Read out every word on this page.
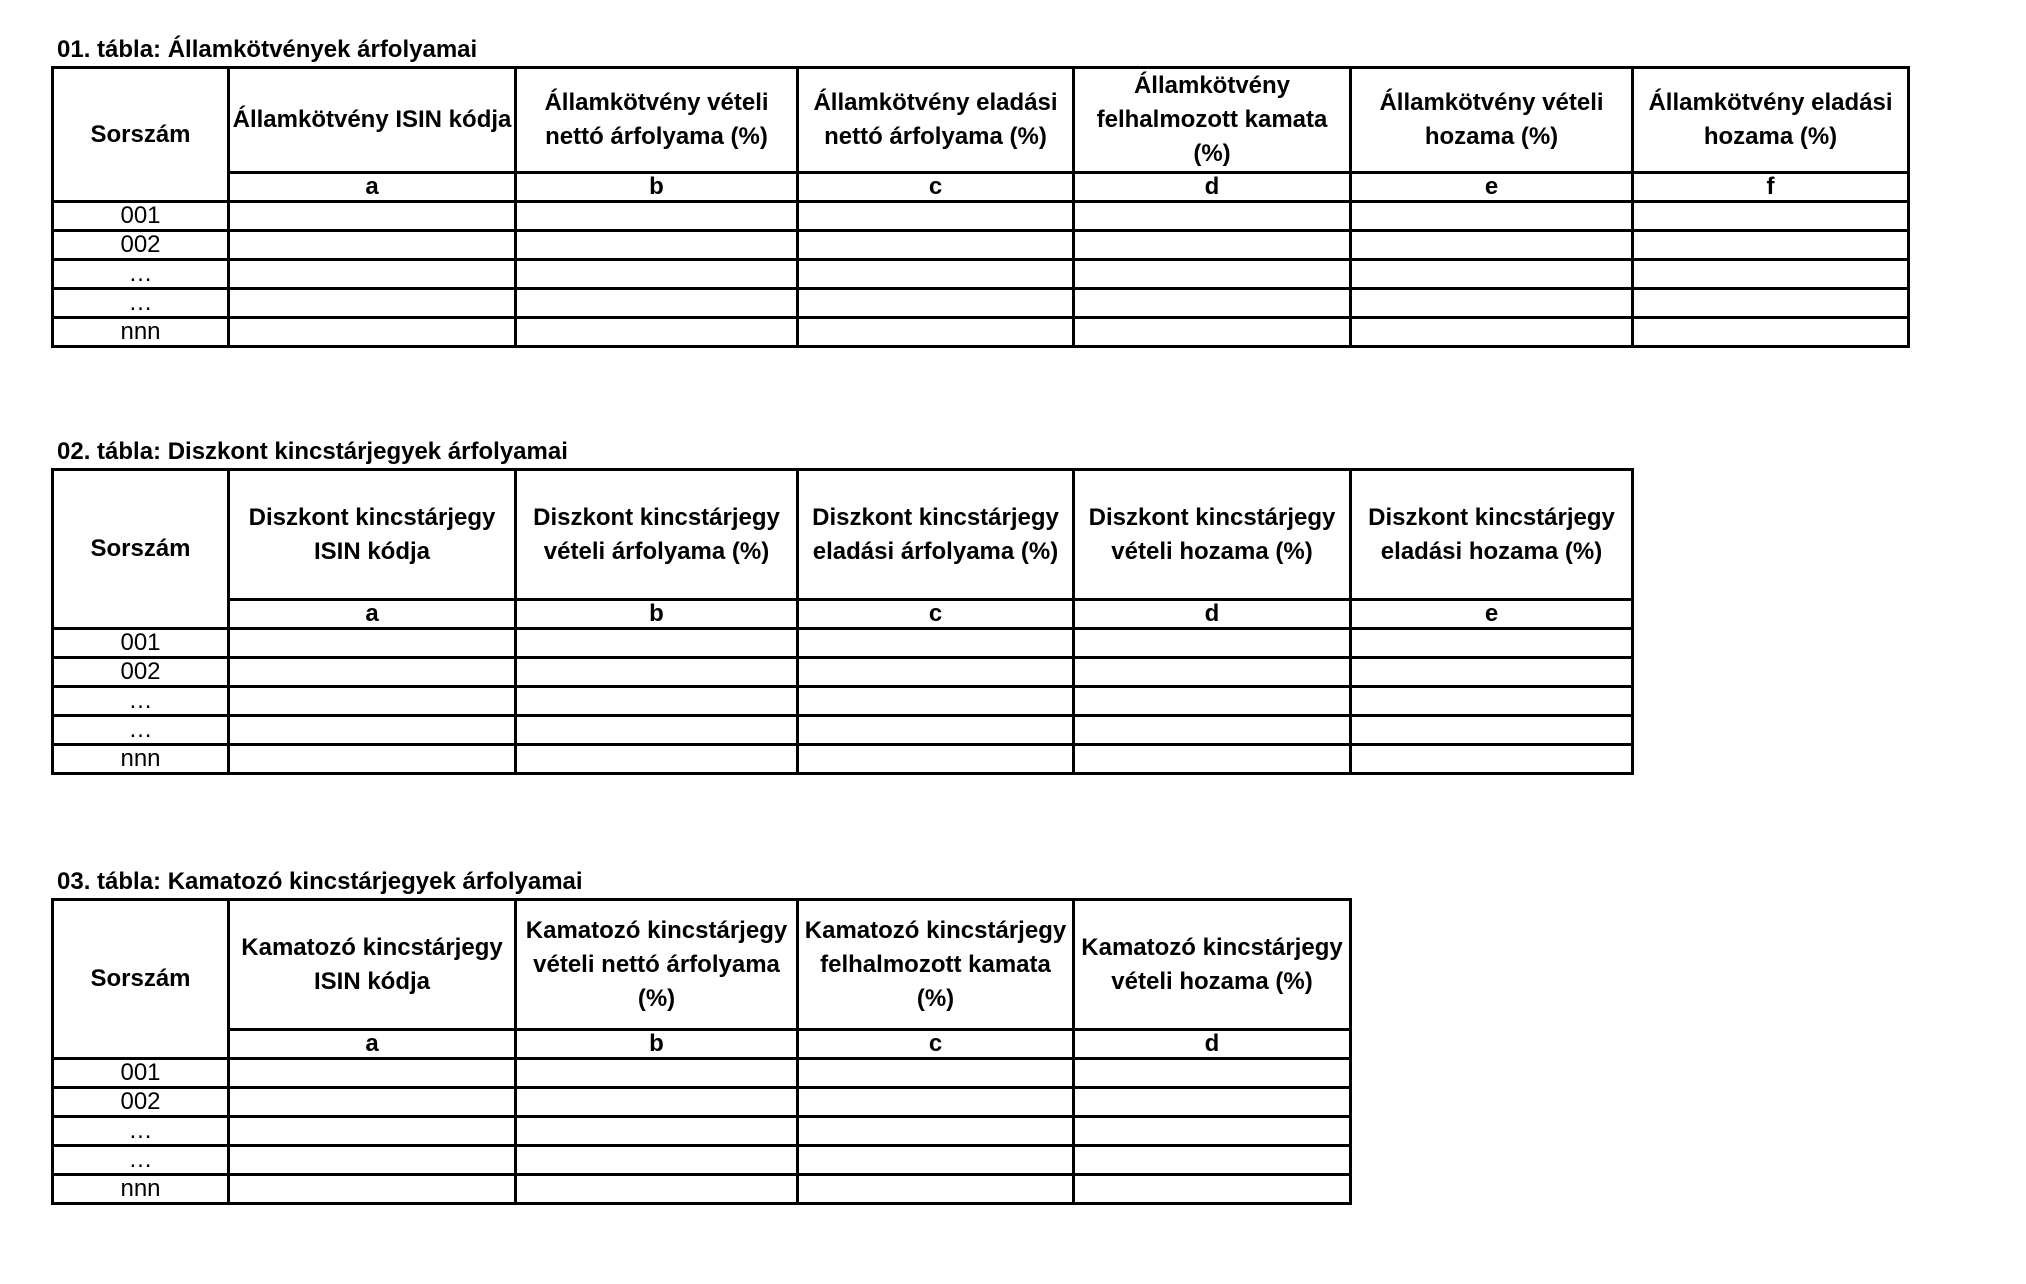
01. tábla: Államkötvények árfolyamai
Sorszám	Államkötvény ISIN kódja	Államkötvény vételi nettó árfolyama (%)	Államkötvény eladási nettó árfolyama (%)	Államkötvény felhalmozott kamata (%)	Államkötvény vételi hozama (%)	Államkötvény eladási hozama (%)
	a	b	c	d	e	f
001						
002						
…						
…						
nnn						
02. tábla: Diszkont kincstárjegyek árfolyamai
Sorszám	Diszkont kincstárjegy ISIN kódja	Diszkont kincstárjegy vételi árfolyama (%)	Diszkont kincstárjegy eladási árfolyama (%)	Diszkont kincstárjegy vételi hozama (%)	Diszkont kincstárjegy eladási hozama (%)
	a	b	c	d	e
001					
002					
…					
…					
nnn					
03. tábla: Kamatozó kincstárjegyek árfolyamai
Sorszám	Kamatozó kincstárjegy ISIN kódja	Kamatozó kincstárjegy vételi nettó árfolyama (%)	Kamatozó kincstárjegy felhalmozott kamata (%)	Kamatozó kincstárjegy vételi hozama (%)
	a	b	c	d
001				
002				
…				
…				
nnn				
